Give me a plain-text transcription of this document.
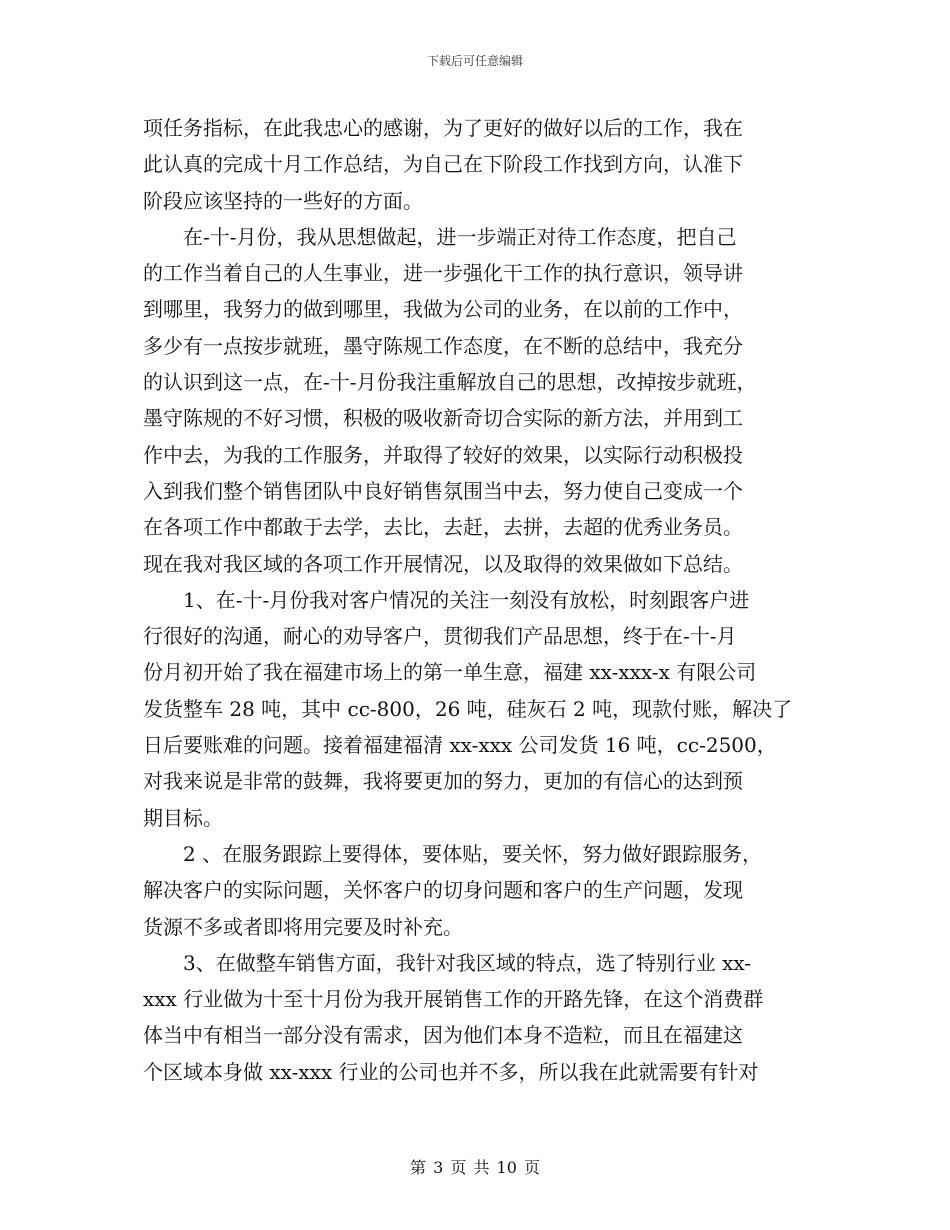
下载后可任意编辑
项任务指标，在此我忠心的感谢，为了更好的做好以后的工作，我在
此认真的完成十月工作总结，为自己在下阶段工作找到方向，认准下
阶段应该坚持的一些好的方面。
在-十-月份，我从思想做起，进一步端正对待工作态度，把自己
的工作当着自己的人生事业，进一步强化干工作的执行意识，领导讲
到哪里，我努力的做到哪里，我做为公司的业务，在以前的工作中，
多少有一点按步就班，墨守陈规工作态度，在不断的总结中，我充分
的认识到这一点，在-十-月份我注重解放自己的思想，改掉按步就班，
墨守陈规的不好习惯，积极的吸收新奇切合实际的新方法，并用到工
作中去，为我的工作服务，并取得了较好的效果，以实际行动积极投
入到我们整个销售团队中良好销售氛围当中去，努力使自己变成一个
在各项工作中都敢于去学，去比，去赶，去拼，去超的优秀业务员。
现在我对我区域的各项工作开展情况，以及取得的效果做如下总结。
1、在-十-月份我对客户情况的关注一刻没有放松，时刻跟客户进
行很好的沟通，耐心的劝导客户，贯彻我们产品思想，终于在-十-月
份月初开始了我在福建市场上的第一单生意，福建 xx-xxx-x 有限公司
发货整车 28 吨，其中 cc-800，26 吨，硅灰石 2 吨，现款付账，解决了
日后要账难的问题。接着福建福清 xx-xxx 公司发货 16 吨，cc-2500，
对我来说是非常的鼓舞，我将要更加的努力，更加的有信心的达到预
期目标。
2 、在服务跟踪上要得体，要体贴，要关怀，努力做好跟踪服务，
解决客户的实际问题，关怀客户的切身问题和客户的生产问题，发现
货源不多或者即将用完要及时补充。
3、在做整车销售方面，我针对我区域的特点，选了特别行业 xx-
xxx 行业做为十至十月份为我开展销售工作的开路先锋，在这个消费群
体当中有相当一部分没有需求，因为他们本身不造粒，而且在福建这
个区域本身做 xx-xxx 行业的公司也并不多，所以我在此就需要有针对
第 3 页 共 10 页
